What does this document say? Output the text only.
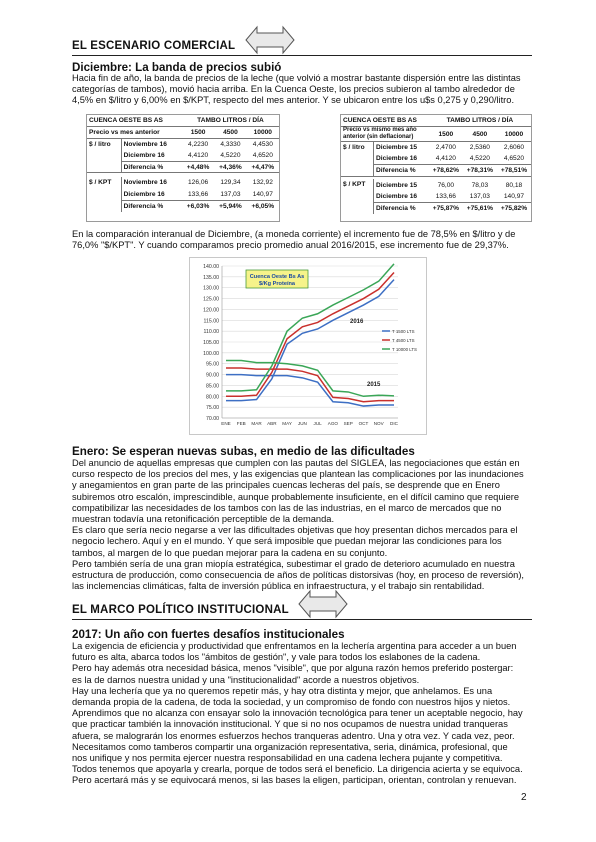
EL ESCENARIO COMERCIAL
Diciembre: La banda de precios subió
Hacia fin de año, la banda de precios de la leche (que volvió a mostrar bastante dispersión entre las distintas
categorías de tambos), movió hacia arriba. En la Cuenca Oeste, los precios subieron al tambo alrededor de
4,5% en $/litro y 6,00% en $/KPT, respecto del mes anterior. Y se ubicaron entre los u$s 0,275 y 0,290/litro.
CUENCA OESTE BS AS		TAMBO LITROS / DÍA		
Precio vs mes anterior		1500	4500	10000
$ / litro	Noviembre 16	4,2230	4,3330	4,4530
	Diciembre 16	4,4120	4,5220	4,6520
	Diferencia %	+4,48%	+4,36%	+4,47%

$ / KPT	Noviembre 16	126,06	129,34	132,92
	Diciembre 16	133,66	137,03	140,97
	Diferencia %	+6,03%	+5,94%	+6,05%
CUENCA OESTE BS AS		TAMBO LITROS / DÍA		

Precio vs mismo mes año
anterior (sin deflacionar)		1500	4500	10000
$ / litro	Diciembre 15	2,4700	2,5360	2,6060
	Diciembre 16	4,4120	4,5220	4,6520
	Diferencia %	+78,62%	+78,31%	+78,51%

$ / KPT	Diciembre 15	76,00	78,03	80,18
	Diciembre 16	133,66	137,03	140,97
	Diferencia %	+75,87%	+75,61%	+75,82%
En la comparación interanual de Diciembre, (a moneda corriente) el incremento fue de 78,5% en $/litro y de
76,0% "$/KPT". Y cuando comparamos precio promedio anual 2016/2015, ese incremento fue de 29,37%.
70.00
75.00
80.00
85.00
90.00
95.00
100.00
105.00
110.00
115.00
120.00
125.00
130.00
135.00
140.00
ENE FEB MAR ABR MAY JUN JUL AGO SEP OCT NOV DIC
Cuenca Oeste Bs As
$/Kg Proteína
2016
2015
T 1500 LTS
T 4500 LTS
T 10000 LTS
Enero: Se esperan nuevas subas, en medio de las dificultades
Del anuncio de aquellas empresas que cumplen con las pautas del SIGLEA, las negociaciones que están en
curso respecto de los precios del mes, y las exigencias que plantean las complicaciones por las inundaciones
y anegamientos en gran parte de las principales cuencas lecheras del país, se desprende que en Enero
subiremos otro escalón, imprescindible, aunque probablemente insuficiente, en el difícil camino que requiere
compatibilizar las necesidades de los tambos con las de las industrias, en el marco de mercados que no
muestran todavía una retonificación perceptible de la demanda.
Es claro que sería necio negarse a ver las dificultades objetivas que hoy presentan dichos mercados para el
negocio lechero. Aquí y en el mundo. Y que será imposible que puedan mejorar las condiciones para los
tambos, al margen de lo que puedan mejorar para la cadena en su conjunto.
Pero también sería de una gran miopía estratégica, subestimar el grado de deterioro acumulado en nuestra
estructura de producción, como consecuencia de años de políticas distorsivas (hoy, en proceso de reversión),
las inclemencias climáticas, falta de inversión pública en infraestructura, y el trabajo sin rentabilidad.
EL MARCO POLÍTICO INSTITUCIONAL
2017: Un año con fuertes desafíos institucionales
La exigencia de eficiencia y productividad que enfrentamos en la lechería argentina para acceder a un buen
futuro es alta, abarca todos los "ámbitos de gestión", y vale para todos los eslabones de la cadena.
Pero hay además otra necesidad básica, menos "visible", que por alguna razón hemos preferido postergar:
es la de darnos nuestra unidad y una "institucionalidad" acorde a nuestros objetivos.
Hay una lechería que ya no queremos repetir más, y hay otra distinta y mejor, que anhelamos. Es una
demanda propia de la cadena, de toda la sociedad, y un compromiso de fondo con nuestros hijos y nietos.
Aprendimos que no alcanza con ensayar solo la innovación tecnológica para tener un aceptable negocio, hay
que practicar también la innovación institucional. Y que si no nos ocupamos de nuestra unidad tranqueras
afuera, se malograrán los enormes esfuerzos hechos tranqueras adentro. Una y otra vez. Y cada vez, peor.
Necesitamos como tamberos compartir una organización representativa, seria, dinámica, profesional, que
nos unifique y nos permita ejercer nuestra responsabilidad en una cadena lechera pujante y competitiva.
Todos tenemos que apoyarla y crearla, porque de todos será el beneficio. La dirigencia acierta y se equivoca.
Pero acertará más y se equivocará menos, si las bases la eligen, participan, orientan, controlan y renuevan.
2
